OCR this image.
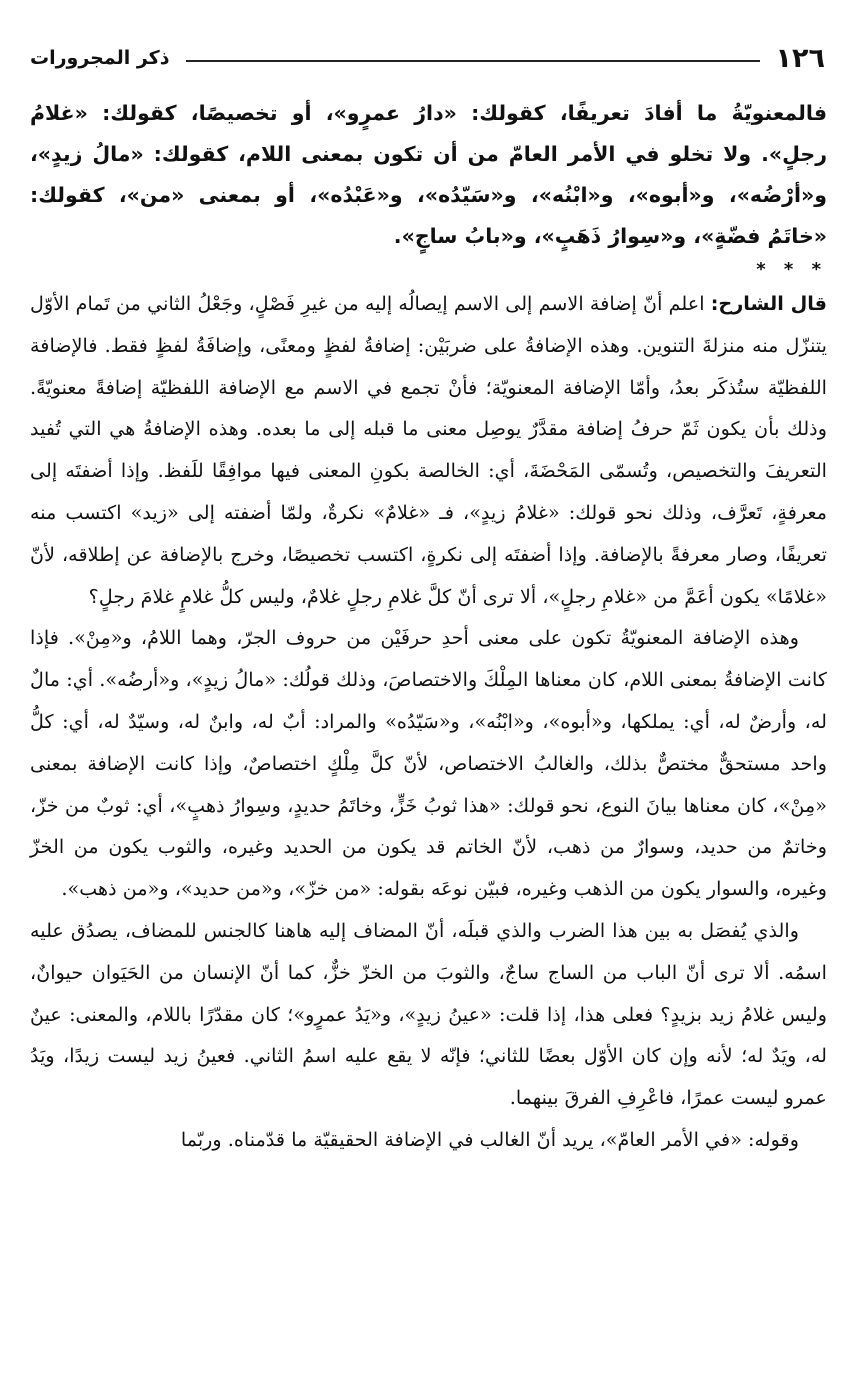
١٢٦
ذكر المجرورات

فالمعنويّةُ ما أفادَ تعريفًا، كقولك: «دارُ عمرٍو»، أو تخصيصًا، كقولك: «غلامُ رجلٍ». ولا تخلو في الأمر العامّ من أن تكون بمعنى اللام، كقولك: «مالُ زيدٍ»، و«أرْضُه»، و«أبوه»، و«ابْنُه»، و«سَيّدُه»، و«عَبْدُه»، أو بمعنى «من»، كقولك: «خاتَمُ فضّةٍ»، و«سِوارُ ذَهَبٍ»، و«بابُ ساجٍ».

* * *

قال الشارح: اعلم أنّ إضافة الاسم إلى الاسم إيصالُه إليه من غيرِ فَصْلٍ، وجَعْلُ الثاني من تَمام الأوّل يتنزّل منه منزلةَ التنوين. وهذه الإضافةُ على ضربَيْن: إضافةُ لفظٍ ومعنًى، وإضافَةُ لفظٍ فقط. فالإضافة اللفظيّة ستُذكَر بعدُ، وأمّا الإضافة المعنويّة؛ فأنْ تجمع في الاسم مع الإضافة اللفظيّة إضافةً معنويّةً. وذلك بأن يكون ثَمّ حرفُ إضافة مقدَّرٌ يوصِل معنى ما قبله إلى ما بعده. وهذه الإضافةُ هي التي تُفيد التعريفَ والتخصيص، وتُسمّى المَحْضَةَ، أي: الخالصة بكونِ المعنى فيها موافِقًا للَفظ. وإذا أضفتَه إلى معرفةٍ، تَعرَّف، وذلك نحو قولك: «غلامُ زيدٍ»، فـ «غلامٌ» نكرةٌ، ولمّا أضفته إلى «زيد» اكتسب منه تعريفًا، وصار معرفةً بالإضافة. وإذا أضفتَه إلى نكرةٍ، اكتسب تخصيصًا، وخرج بالإضافة عن إطلاقه، لأنّ «غلامًا» يكون أعَمَّ من «غلامِ رجلٍ»، ألا ترى أنّ كلَّ غلامِ رجلٍ غلامٌ، وليس كلُّ غلامٍ غلامَ رجلٍ؟

وهذه الإضافة المعنويّةُ تكون على معنى أحدِ حرفَيْن من حروف الجرّ، وهما اللامُ، و«مِنْ». فإذا كانت الإضافةُ بمعنى اللام، كان معناها المِلْكَ والاختصاصَ، وذلك قولُك: «مالُ زيدٍ»، و«أرضُه». أي: مالٌ له، وأرضٌ له، أي: يملكها، و«أبوه»، و«ابْنُه»، و«سَيّدُه» والمراد: أبٌ له، وابنٌ له، وسيّدٌ له، أي: كلُّ واحد مستحقٌّ مختصٌّ بذلك، والغالبُ الاختصاص، لأنّ كلَّ مِلْكٍ اختصاصٌ، وإذا كانت الإضافة بمعنى «مِنْ»، كان معناها بيانَ النوع، نحو قولك: «هذا ثوبُ خَزٍّ، وخاتَمُ حديدٍ، وسِوارُ ذهبٍ»، أي: ثوبٌ من خزّ، وخاتمٌ من حديد، وسوارٌ من ذهب، لأنّ الخاتم قد يكون من الحديد وغيره، والثوب يكون من الخزّ وغيره، والسوار يكون من الذهب وغيره، فبيّن نوعَه بقوله: «من خزّ»، و«من حديد»، و«من ذهب».

والذي يُفصَل به بين هذا الضرب والذي قبلَه، أنّ المضاف إليه هاهنا كالجنس للمضاف، يصدُق عليه اسمُه. ألا ترى أنّ الباب من الساج ساجٌ، والثوبَ من الخزّ خزٌّ، كما أنّ الإنسان من الحَيَوان حيوانٌ، وليس غلامُ زيد بزيدٍ؟ فعلى هذا، إذا قلت: «عينُ زيدٍ»، و«يَدُ عمرٍو»؛ كان مقدّرًا باللام، والمعنى: عينٌ له، ويَدٌ له؛ لأنه وإن كان الأوّل بعضًا للثاني؛ فإنّه لا يقع عليه اسمُ الثاني. فعينُ زيد ليست زيدًا، ويَدُ عمرو ليست عمرًا، فاعْرِفِ الفرقَ بينهما.

وقوله: «في الأمر العامّ»، يريد أنّ الغالب في الإضافة الحقيقيّة ما قدّمناه. وربّما
